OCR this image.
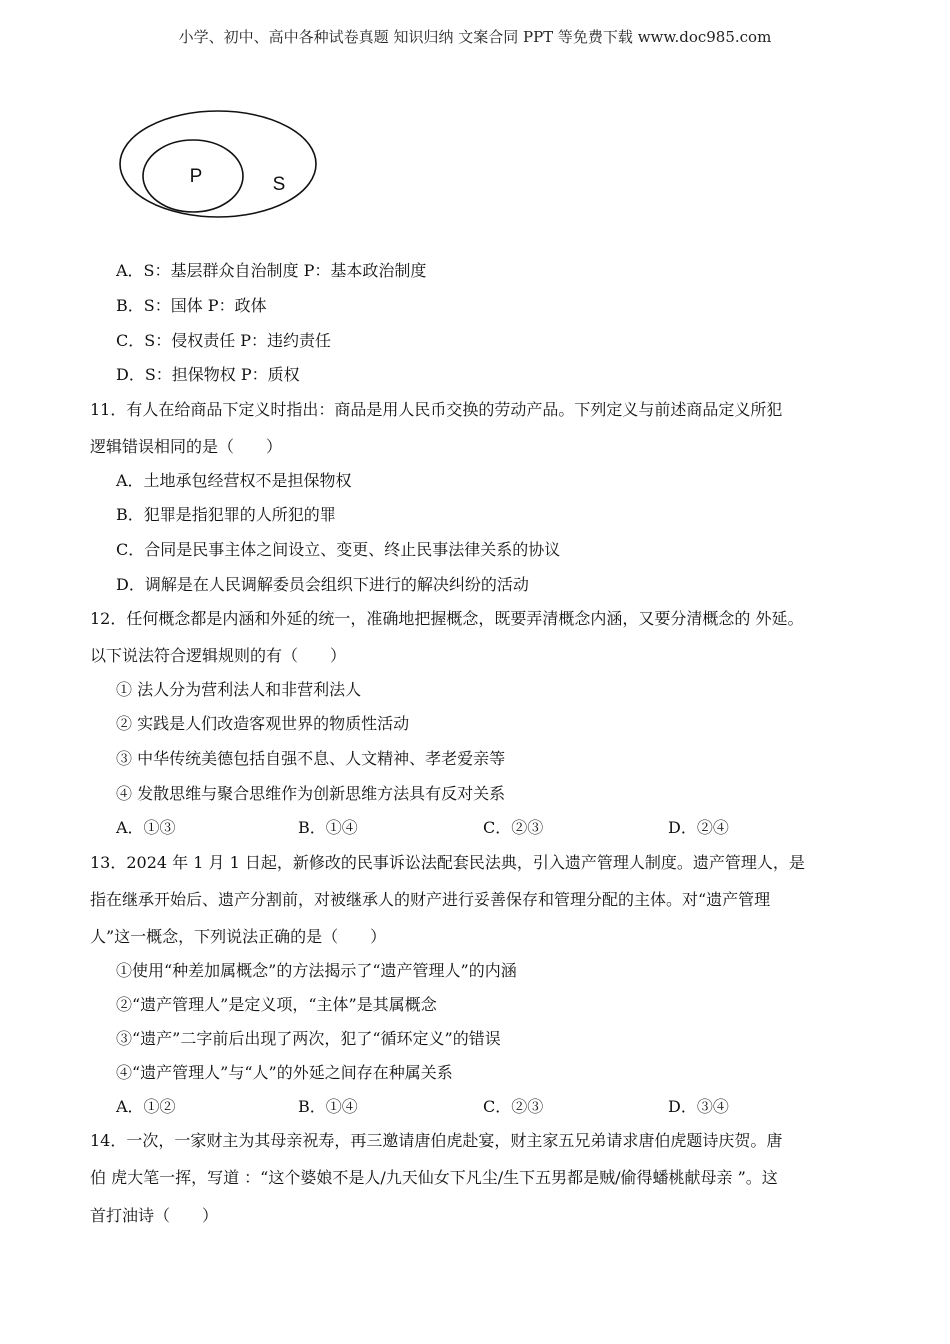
小学、初中、高中各种试卷真题 知识归纳 文案合同 PPT 等免费下载 www.doc985.com
P	S
A．S：基层群众自治制度 P：基本政治制度
B．S：国体 P：政体
C．S：侵权责任 P：违约责任
D．S：担保物权 P：质权
11．有人在给商品下定义时指出：商品是用人民币交换的劳动产品。下列定义与前述商品定义所犯
逻辑错误相同的是（　　）
A．土地承包经营权不是担保物权
B．犯罪是指犯罪的人所犯的罪
C．合同是民事主体之间设立、变更、终止民事法律关系的协议
D．调解是在人民调解委员会组织下进行的解决纠纷的活动
12．任何概念都是内涵和外延的统一，准确地把握概念，既要弄清概念内涵，又要分清概念的 外延。
以下说法符合逻辑规则的有（　　）
① 法人分为营利法人和非营利法人
② 实践是人们改造客观世界的物质性活动
③ 中华传统美德包括自强不息、人文精神、孝老爱亲等
④ 发散思维与聚合思维作为创新思维方法具有反对关系
A．①③	B．①④	C．②③	D．②④
13．2024 年 1 月 1 日起，新修改的民事诉讼法配套民法典，引入遗产管理人制度。遗产管理人，是
指在继承开始后、遗产分割前，对被继承人的财产进行妥善保存和管理分配的主体。对“遗产管理
人”这一概念，下列说法正确的是（　　）
①使用“种差加属概念”的方法揭示了“遗产管理人”的内涵
②“遗产管理人”是定义项，“主体”是其属概念
③“遗产”二字前后出现了两次，犯了“循环定义”的错误
④“遗产管理人”与“人”的外延之间存在种属关系
A．①②	B．①④	C．②③	D．③④
14．一次，一家财主为其母亲祝寿，再三邀请唐伯虎赴宴，财主家五兄弟请求唐伯虎题诗庆贺。唐
伯 虎大笔一挥，写道 ：“这个婆娘不是人/九天仙女下凡尘/生下五男都是贼/偷得蟠桃献母亲 ”。这
首打油诗（　　）
